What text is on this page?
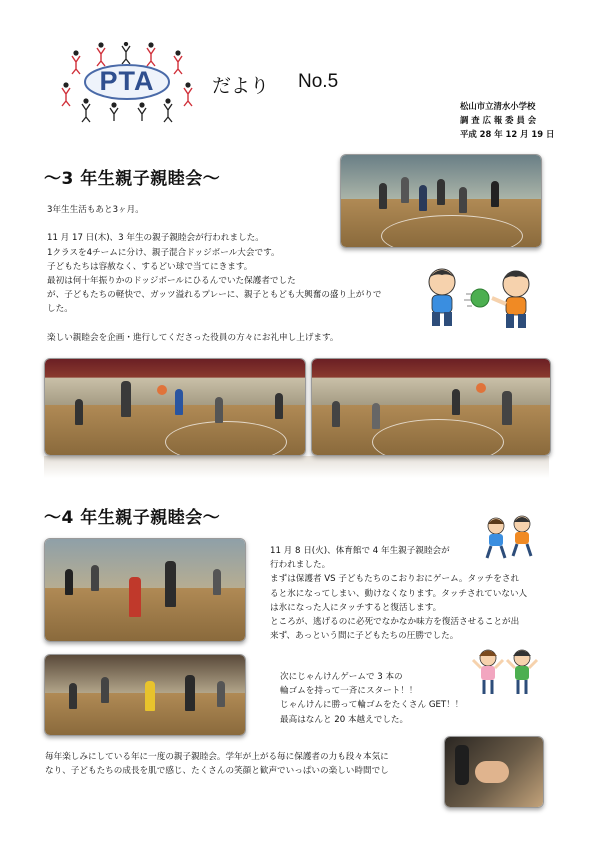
PTA	だより No.5
松山市立清水小学校
調 査 広 報 委 員 会
平成 28 年 12 月 19 日
～3 年生親子親睦会～
3年生生活もあと3ヶ月。
11 月 17 日(木)、3 年生の親子親睦会が行われました。
1クラスを4チームに分け、親子混合ドッジボール大会です。
子どもたちは容赦なく、するどい球で当てにきます。
最初は何十年振りかのドッジボールにひるんでいた保護者でした
が、子どもたちの軽快で、ガッツ溢れるプレーに、親子ともども大興奮の盛り上がりで
した。
楽しい親睦会を企画・進行してくださった役員の方々にお礼申し上げます。
～4 年生親子親睦会～
11 月 8 日(火)、体育館で 4 年生親子親睦会が
行われました。
まずは保護者 VS 子どもたちのこおりおにゲーム。タッチをされ
ると氷になってしまい、動けなくなります。タッチされていない人
は氷になった人にタッチすると復活します。
ところが、逃げるのに必死でなかなか味方を復活させることが出
来ず、あっという間に子どもたちの圧勝でした。
次にじゃんけんゲームで 3 本の
輪ゴムを持って一斉にスタート！！
じゃんけんに勝って輪ゴムをたくさん GET！！
最高はなんと 20 本越えでした。
毎年楽しみにしている年に一度の親子親睦会。学年が上がる毎に保護者の力も段々本気に
なり、子どもたちの成長を肌で感じ、たくさんの笑顔と歓声でいっぱいの楽しい時間でし
